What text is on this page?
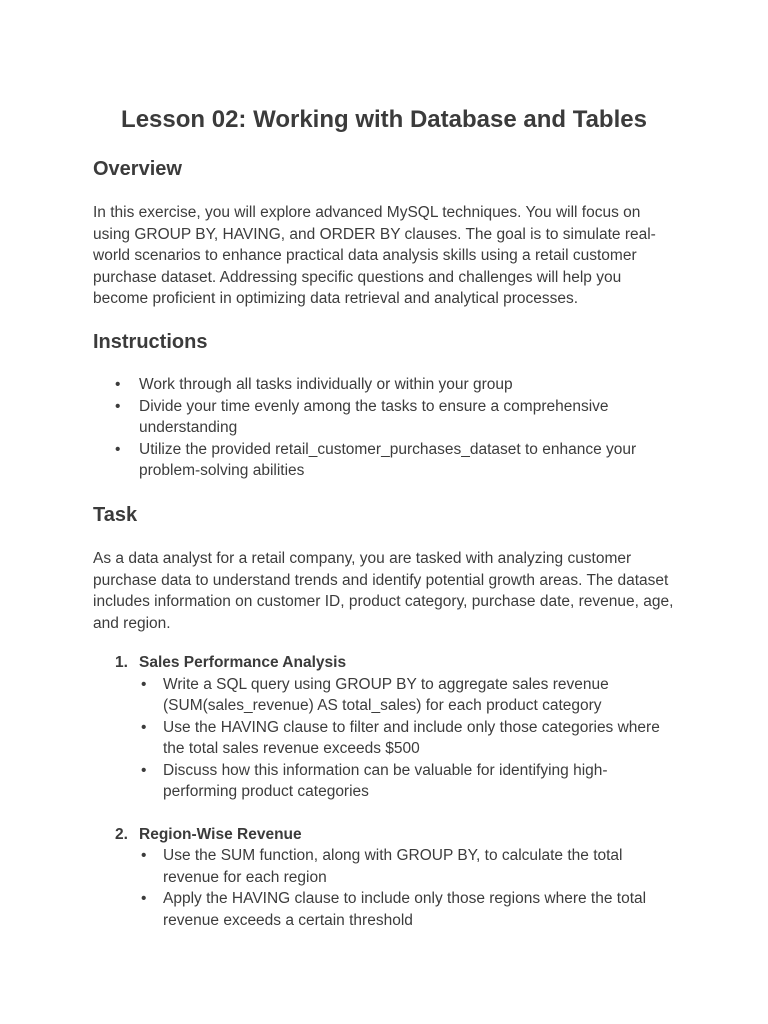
Lesson 02: Working with Database and Tables
Overview

In this exercise, you will explore advanced MySQL techniques. You will focus on using GROUP BY, HAVING, and ORDER BY clauses. The goal is to simulate real-world scenarios to enhance practical data analysis skills using a retail customer purchase dataset. Addressing specific questions and challenges will help you become proficient in optimizing data retrieval and analytical processes.

Instructions
• Work through all tasks individually or within your group
• Divide your time evenly among the tasks to ensure a comprehensive understanding
• Utilize the provided retail_customer_purchases_dataset to enhance your problem-solving abilities
Task

As a data analyst for a retail company, you are tasked with analyzing customer purchase data to understand trends and identify potential growth areas. The dataset includes information on customer ID, product category, purchase date, revenue, age, and region.

1. Sales Performance Analysis
• Write a SQL query using GROUP BY to aggregate sales revenue (SUM(sales_revenue) AS total_sales) for each product category
• Use the HAVING clause to filter and include only those categories where the total sales revenue exceeds $500
• Discuss how this information can be valuable for identifying high-performing product categories
2. Region-Wise Revenue
• Use the SUM function, along with GROUP BY, to calculate the total revenue for each region
• Apply the HAVING clause to include only those regions where the total revenue exceeds a certain threshold
